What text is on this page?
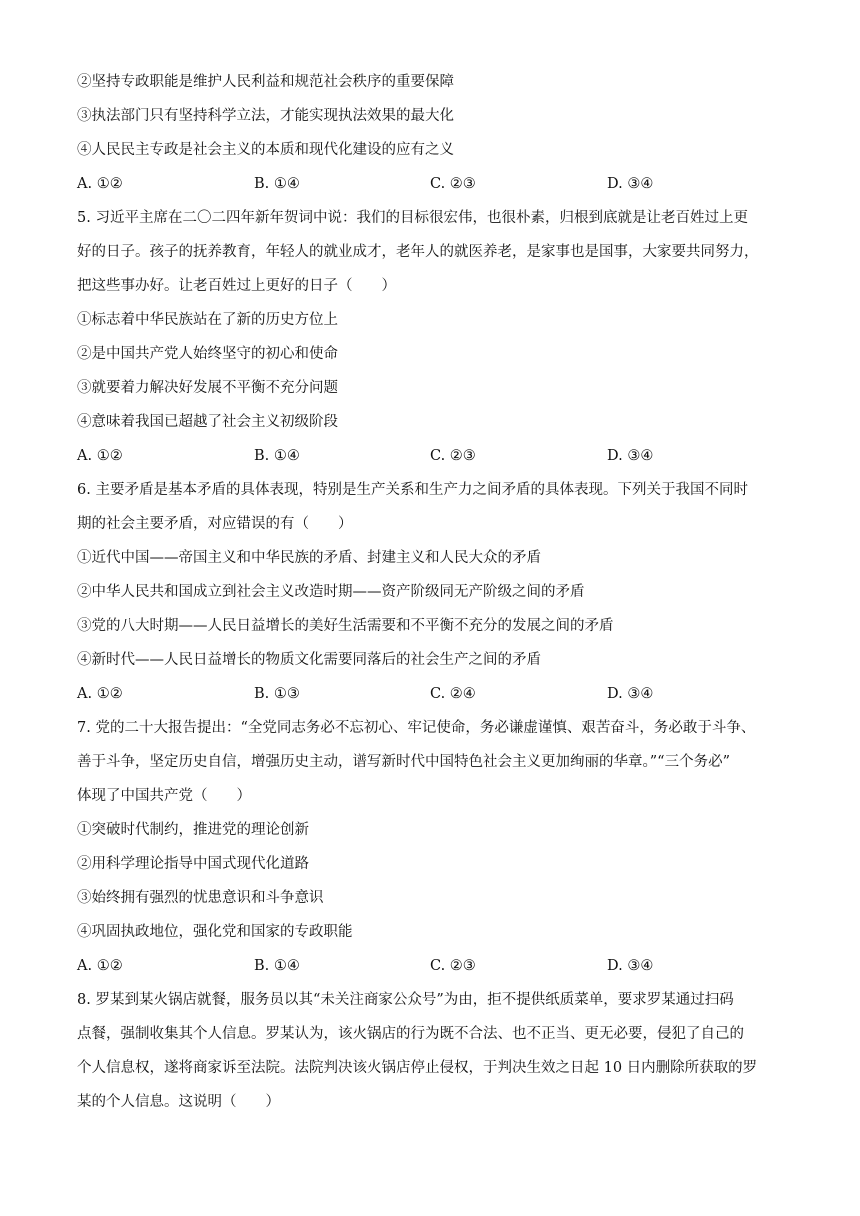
②坚持专政职能是维护人民利益和规范社会秩序的重要保障
③执法部门只有坚持科学立法，才能实现执法效果的最大化
④人民民主专政是社会主义的本质和现代化建设的应有之义
A. ①②	B. ①④	C. ②③	D. ③④
5. 习近平主席在二〇二四年新年贺词中说：我们的目标很宏伟，也很朴素，归根到底就是让老百姓过上更
好的日子。孩子的抚养教育，年轻人的就业成才，老年人的就医养老，是家事也是国事，大家要共同努力，
把这些事办好。让老百姓过上更好的日子（　　）
①标志着中华民族站在了新的历史方位上
②是中国共产党人始终坚守的初心和使命
③就要着力解决好发展不平衡不充分问题
④意味着我国已超越了社会主义初级阶段
A. ①②	B. ①④	C. ②③	D. ③④
6. 主要矛盾是基本矛盾的具体表现，特别是生产关系和生产力之间矛盾的具体表现。下列关于我国不同时
期的社会主要矛盾，对应错误的有（　　）
①近代中国——帝国主义和中华民族的矛盾、封建主义和人民大众的矛盾
②中华人民共和国成立到社会主义改造时期——资产阶级同无产阶级之间的矛盾
③党的八大时期——人民日益增长的美好生活需要和不平衡不充分的发展之间的矛盾
④新时代——人民日益增长的物质文化需要同落后的社会生产之间的矛盾
A. ①②	B. ①③	C. ②④	D. ③④
7. 党的二十大报告提出：“全党同志务必不忘初心、牢记使命，务必谦虚谨慎、艰苦奋斗，务必敢于斗争、
善于斗争，坚定历史自信，增强历史主动，谱写新时代中国特色社会主义更加绚丽的华章。”“三个务必”
体现了中国共产党（　　）
①突破时代制约，推进党的理论创新
②用科学理论指导中国式现代化道路
③始终拥有强烈的忧患意识和斗争意识
④巩固执政地位，强化党和国家的专政职能
A. ①②	B. ①④	C. ②③	D. ③④
8. 罗某到某火锅店就餐，服务员以其“未关注商家公众号”为由，拒不提供纸质菜单，要求罗某通过扫码
点餐，强制收集其个人信息。罗某认为，该火锅店的行为既不合法、也不正当、更无必要，侵犯了自己的
个人信息权，遂将商家诉至法院。法院判决该火锅店停止侵权，于判决生效之日起 10 日内删除所获取的罗
某的个人信息。这说明（　　）
